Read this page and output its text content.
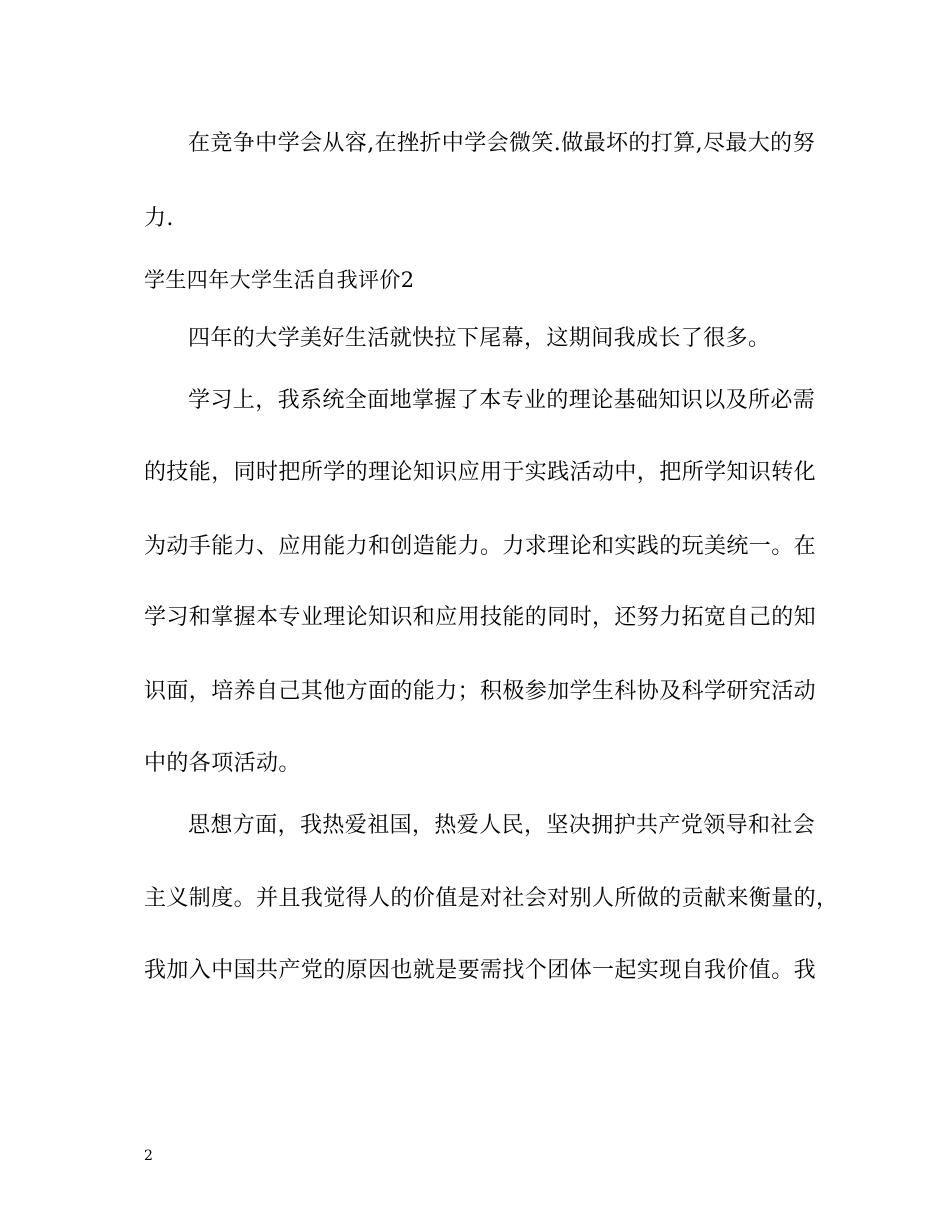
在竞争中学会从容,在挫折中学会微笑.做最坏的打算,尽最大的努
力.
学生四年大学生活自我评价2
四年的大学美好生活就快拉下尾幕，这期间我成长了很多。
学习上，我系统全面地掌握了本专业的理论基础知识以及所必需
的技能，同时把所学的理论知识应用于实践活动中，把所学知识转化
为动手能力、应用能力和创造能力。力求理论和实践的玩美统一。在
学习和掌握本专业理论知识和应用技能的同时，还努力拓宽自己的知
识面，培养自己其他方面的能力；积极参加学生科协及科学研究活动
中的各项活动。
思想方面，我热爱祖国，热爱人民，坚决拥护共产党领导和社会
主义制度。并且我觉得人的价值是对社会对别人所做的贡献来衡量的，
我加入中国共产党的原因也就是要需找个团体一起实现自我价值。我
2
